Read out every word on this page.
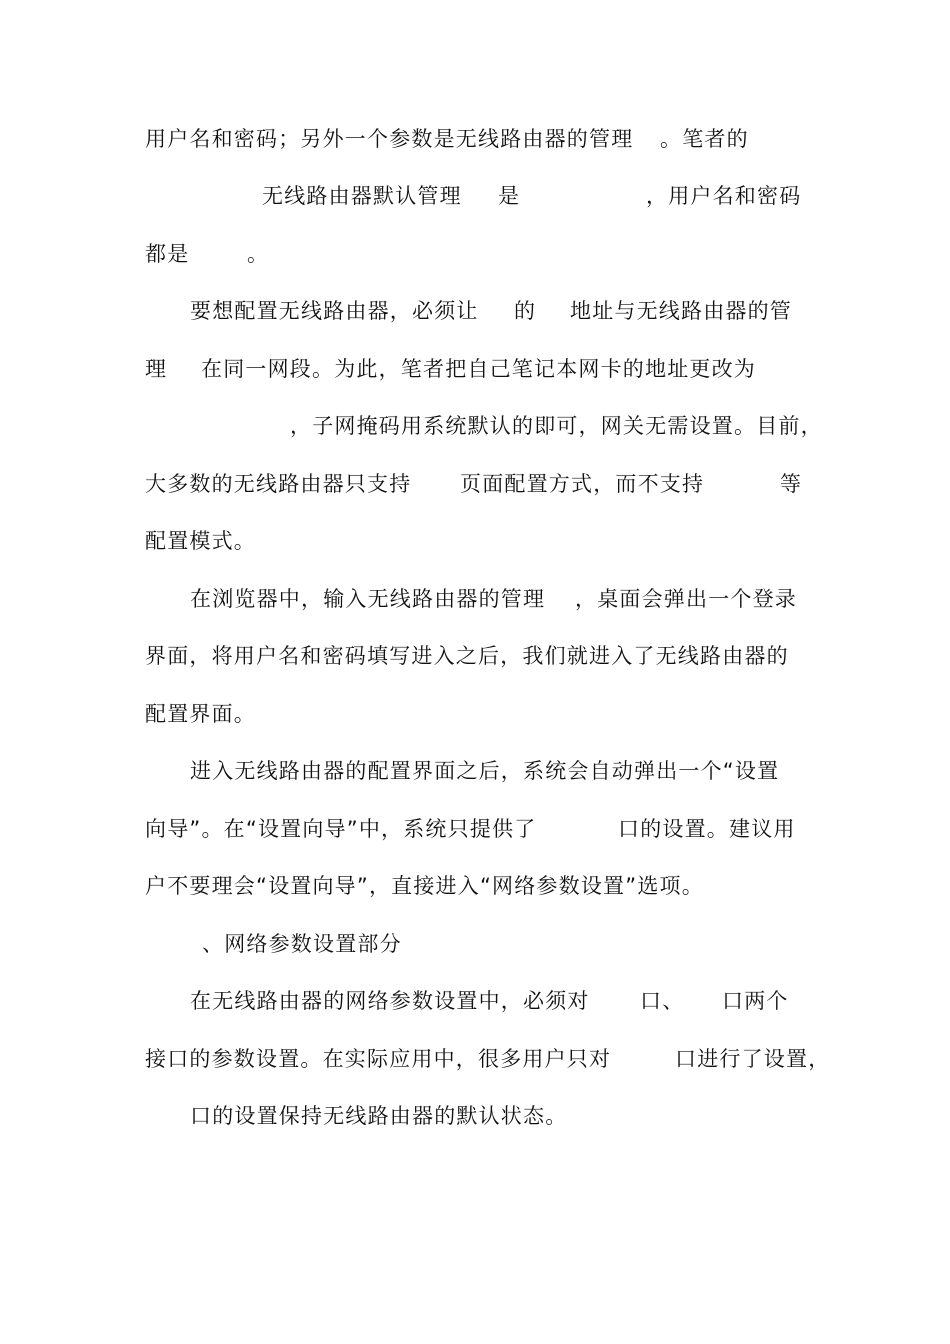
用户名和密码；另外一个参数是无线路由器的管理

。笔者的

无线路由器默认管理

是

	，用户名和密码

都是

	。

要想配置无线路由器，必须让

的

地址与无线路由器的管

理

在同一网段。为此，笔者把自己笔记本网卡的地址更改为

，子网掩码用系统默认的即可，网关无需设置。目前，

大多数的无线路由器只支持

页面配置方式，而不支持

	等

配置模式。

在浏览器中，输入无线路由器的管理

，桌面会弹出一个登录

界面，将用户名和密码填写进入之后，我们就进入了无线路由器的

配置界面。

进入无线路由器的配置界面之后，系统会自动弹出一个“设置

向导”。在“设置向导”中，系统只提供了

	口的设置。建议用

户不要理会“设置向导”，直接进入“网络参数设置”选项。

、网络参数设置部分

在无线路由器的网络参数设置中，必须对

口、

口两个

接口的参数设置。在实际应用中，很多用户只对

	口进行了设置，

口的设置保持无线路由器的默认状态。
